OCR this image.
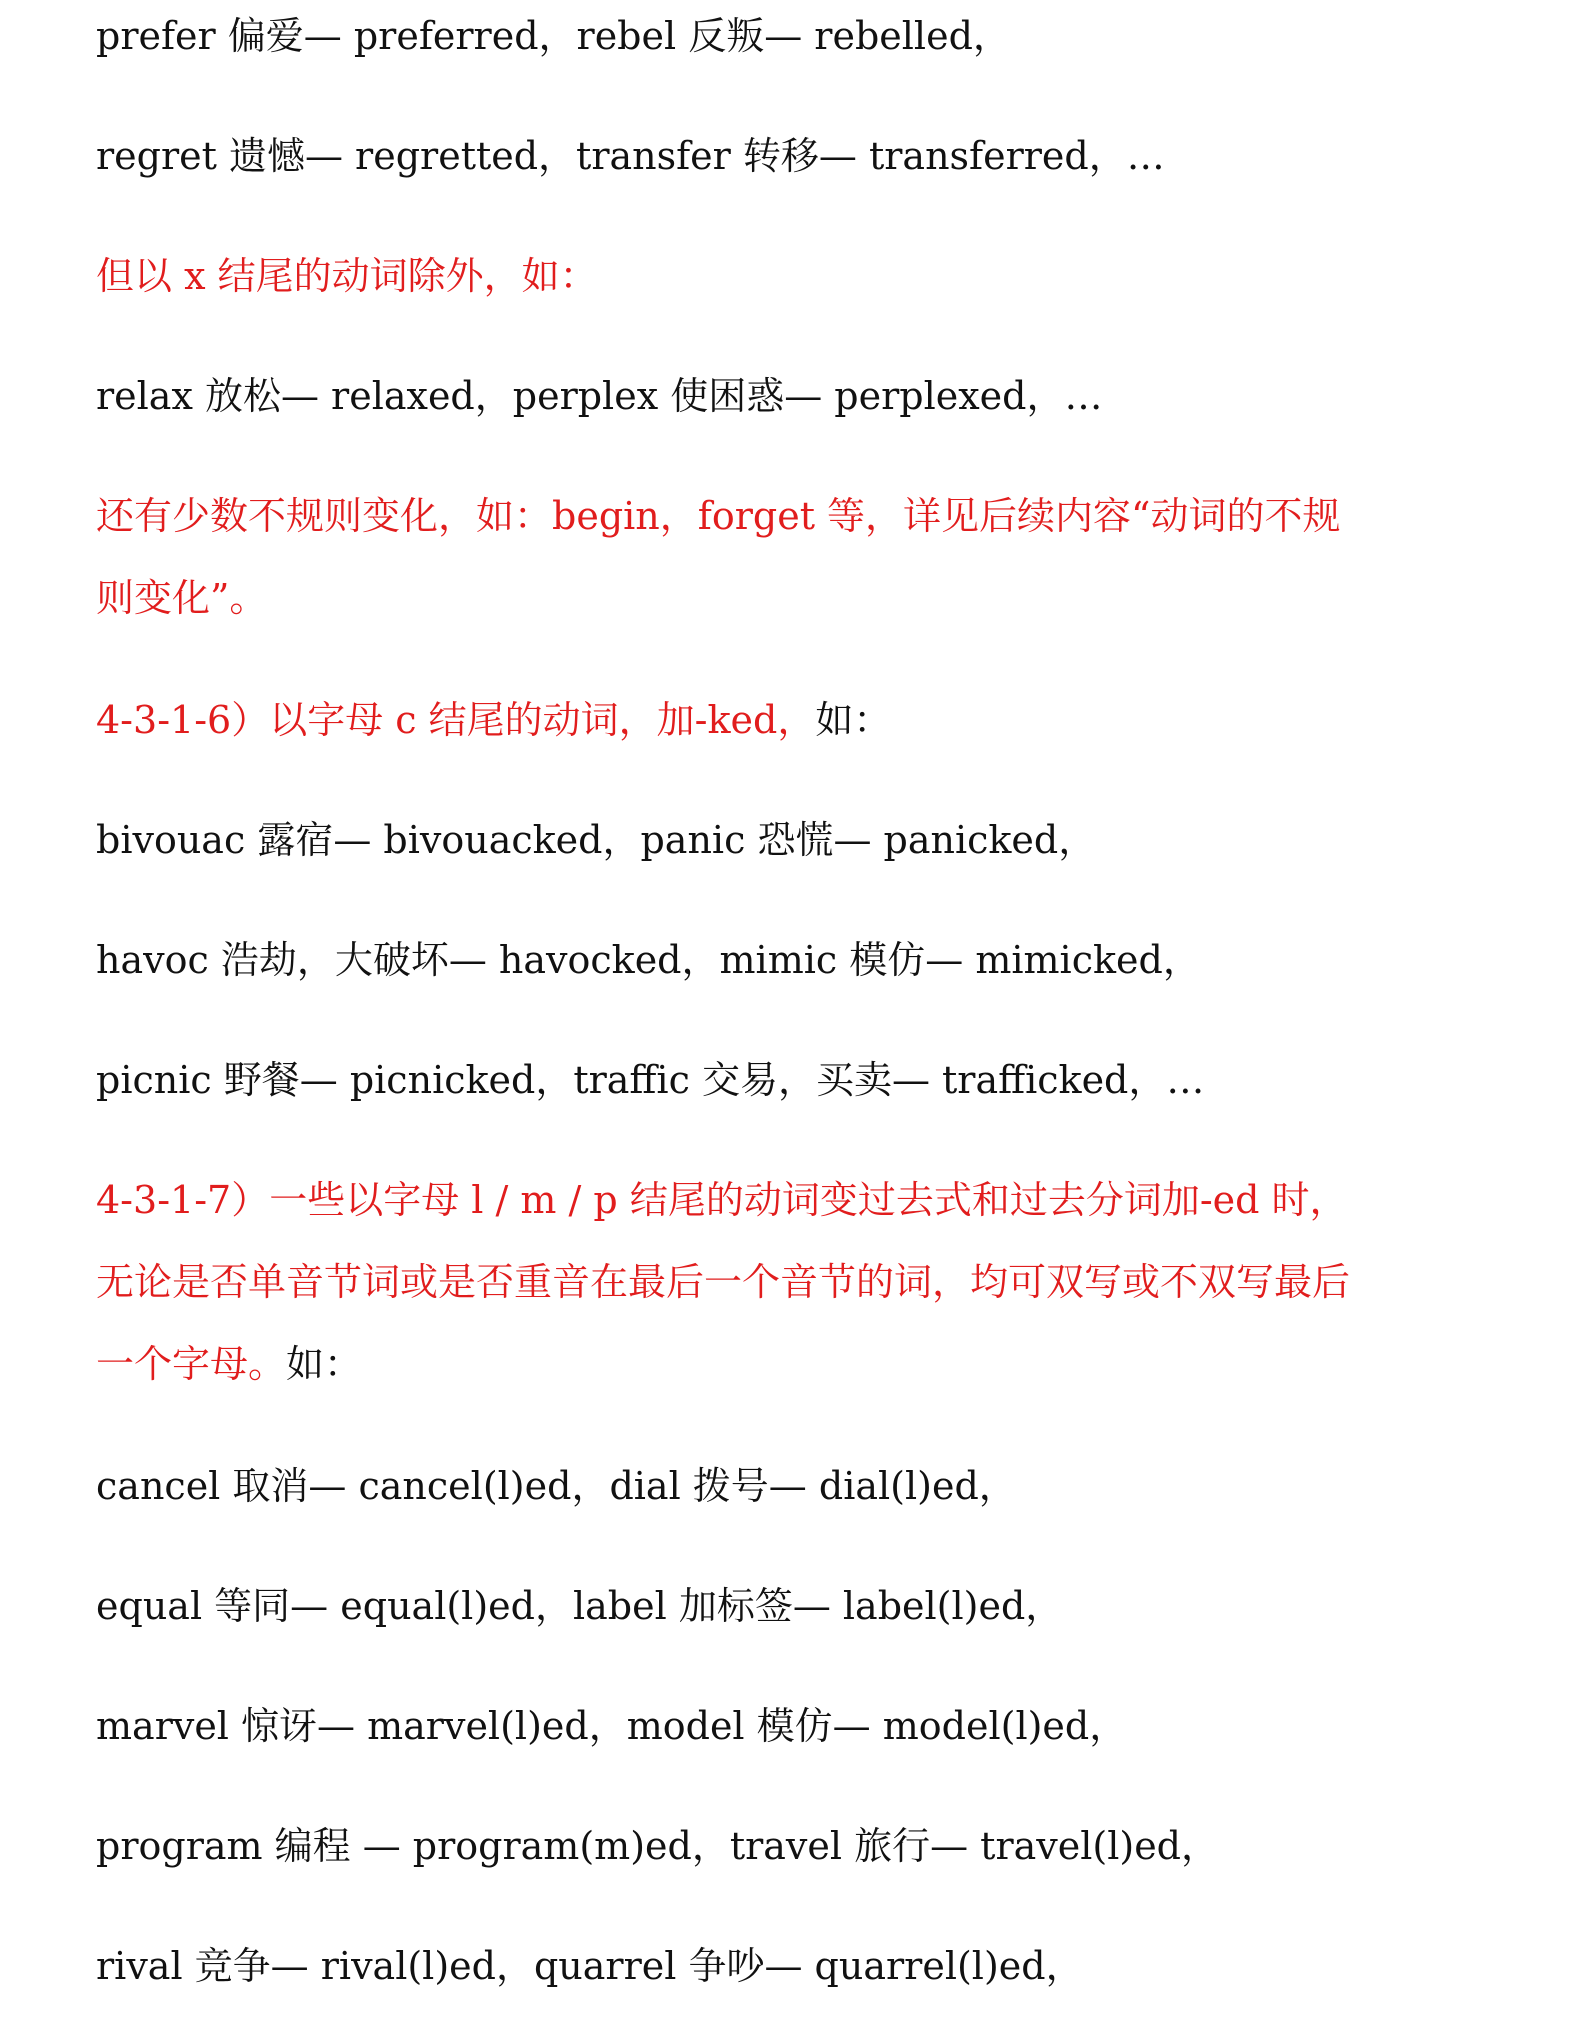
prefer 偏爱— preferred，rebel 反叛— rebelled，
regret 遗憾— regretted，transfer 转移— transferred，…
但以 x 结尾的动词除外，如：
relax 放松— relaxed，perplex 使困惑— perplexed，…
还有少数不规则变化，如：begin，forget 等，详见后续内容“动词的不规
则变化”。
4-3-1-6）以字母 c 结尾的动词，加-ked，如：
bivouac 露宿— bivouacked，panic 恐慌— panicked，
havoc 浩劫，大破坏— havocked，mimic 模仿— mimicked，
picnic 野餐— picnicked，traffic 交易，买卖— trafficked，…
4-3-1-7）一些以字母 l / m / p 结尾的动词变过去式和过去分词加-ed 时，
无论是否单音节词或是否重音在最后一个音节的词，均可双写或不双写最后
一个字母。如：
cancel 取消— cancel(l)ed，dial 拨号— dial(l)ed，
equal 等同— equal(l)ed，label 加标签— label(l)ed，
marvel 惊讶— marvel(l)ed，model 模仿— model(l)ed，
program 编程 — program(m)ed，travel 旅行— travel(l)ed，
rival 竞争— rival(l)ed，quarrel 争吵— quarrel(l)ed，
